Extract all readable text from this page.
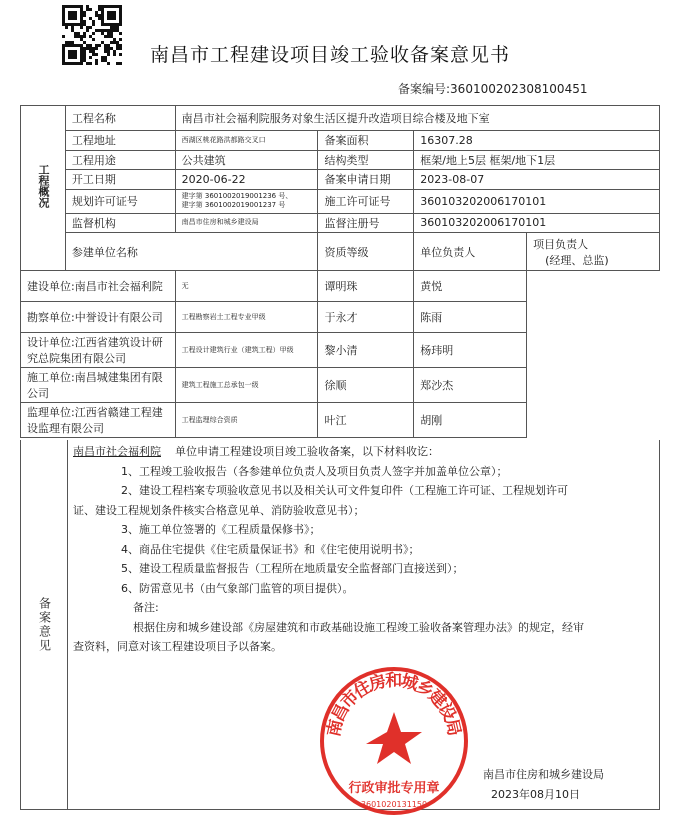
南昌市工程建设项目竣工验收备案意见书
备案编号:360100202308100451
工程概况	工程名称	南昌市社会福利院服务对象生活区提升改造项目综合楼及地下室			
	工程地址	西湖区桃花路洪都路交叉口	备案面积	16307.28	
	工程用途	公共建筑	结构类型	框架/地上5层 框架/地下1层	
	开工日期	2020-06-22	备案申请日期	2023-08-07	
	规划许可证号	建字第 3601002019001236 号、
建字第 3601002019001237 号	施工许可证号	360103202006170101	
	监督机构	南昌市住房和城乡建设局	监督注册号	360103202006170101	
	参建单位名称		资质等级	单位负责人	项目负责人
(经理、总监)

建设单位:南昌市社会福利院		无	谭明珠	黄悦	
勘察单位:中誉设计有限公司		工程勘察岩土工程专业甲级	于永才	陈雨	
设计单位:江西省建筑设计研究总院集团有限公司		工程设计建筑行业（建筑工程）甲级	黎小清	杨玮明	
施工单位:南昌城建集团有限公司		建筑工程施工总承包一级	徐顺	郑沙杰	
监理单位:江西省赣建工程建设监理有限公司		工程监理综合资质	叶江	胡刚	
备案意见
南昌市社会福利院 单位申请工程建设项目竣工验收备案，以下材料收讫：
1、工程竣工验收报告（各参建单位负责人及项目负责人签字并加盖单位公章）；
2、建设工程档案专项验收意见书以及相关认可文件复印件（工程施工许可证、工程规划许可
证、建设工程规划条件核实合格意见单、消防验收意见书）；
3、施工单位签署的《工程质量保修书》；
4、商品住宅提供《住宅质量保证书》和《住宅使用说明书》；
5、建设工程质量监督报告（工程所在地质量安全监督部门直接送到）；
6、防雷意见书（由气象部门监管的项目提供）。
备注:
根据住房和城乡建设部《房屋建筑和市政基础设施工程竣工验收备案管理办法》的规定，经审
查资料，同意对该工程建设项目予以备案。
南昌市住房和城乡建设局
行政审批专用章
3601020131150
南昌市住房和城乡建设局
2023年08月10日
